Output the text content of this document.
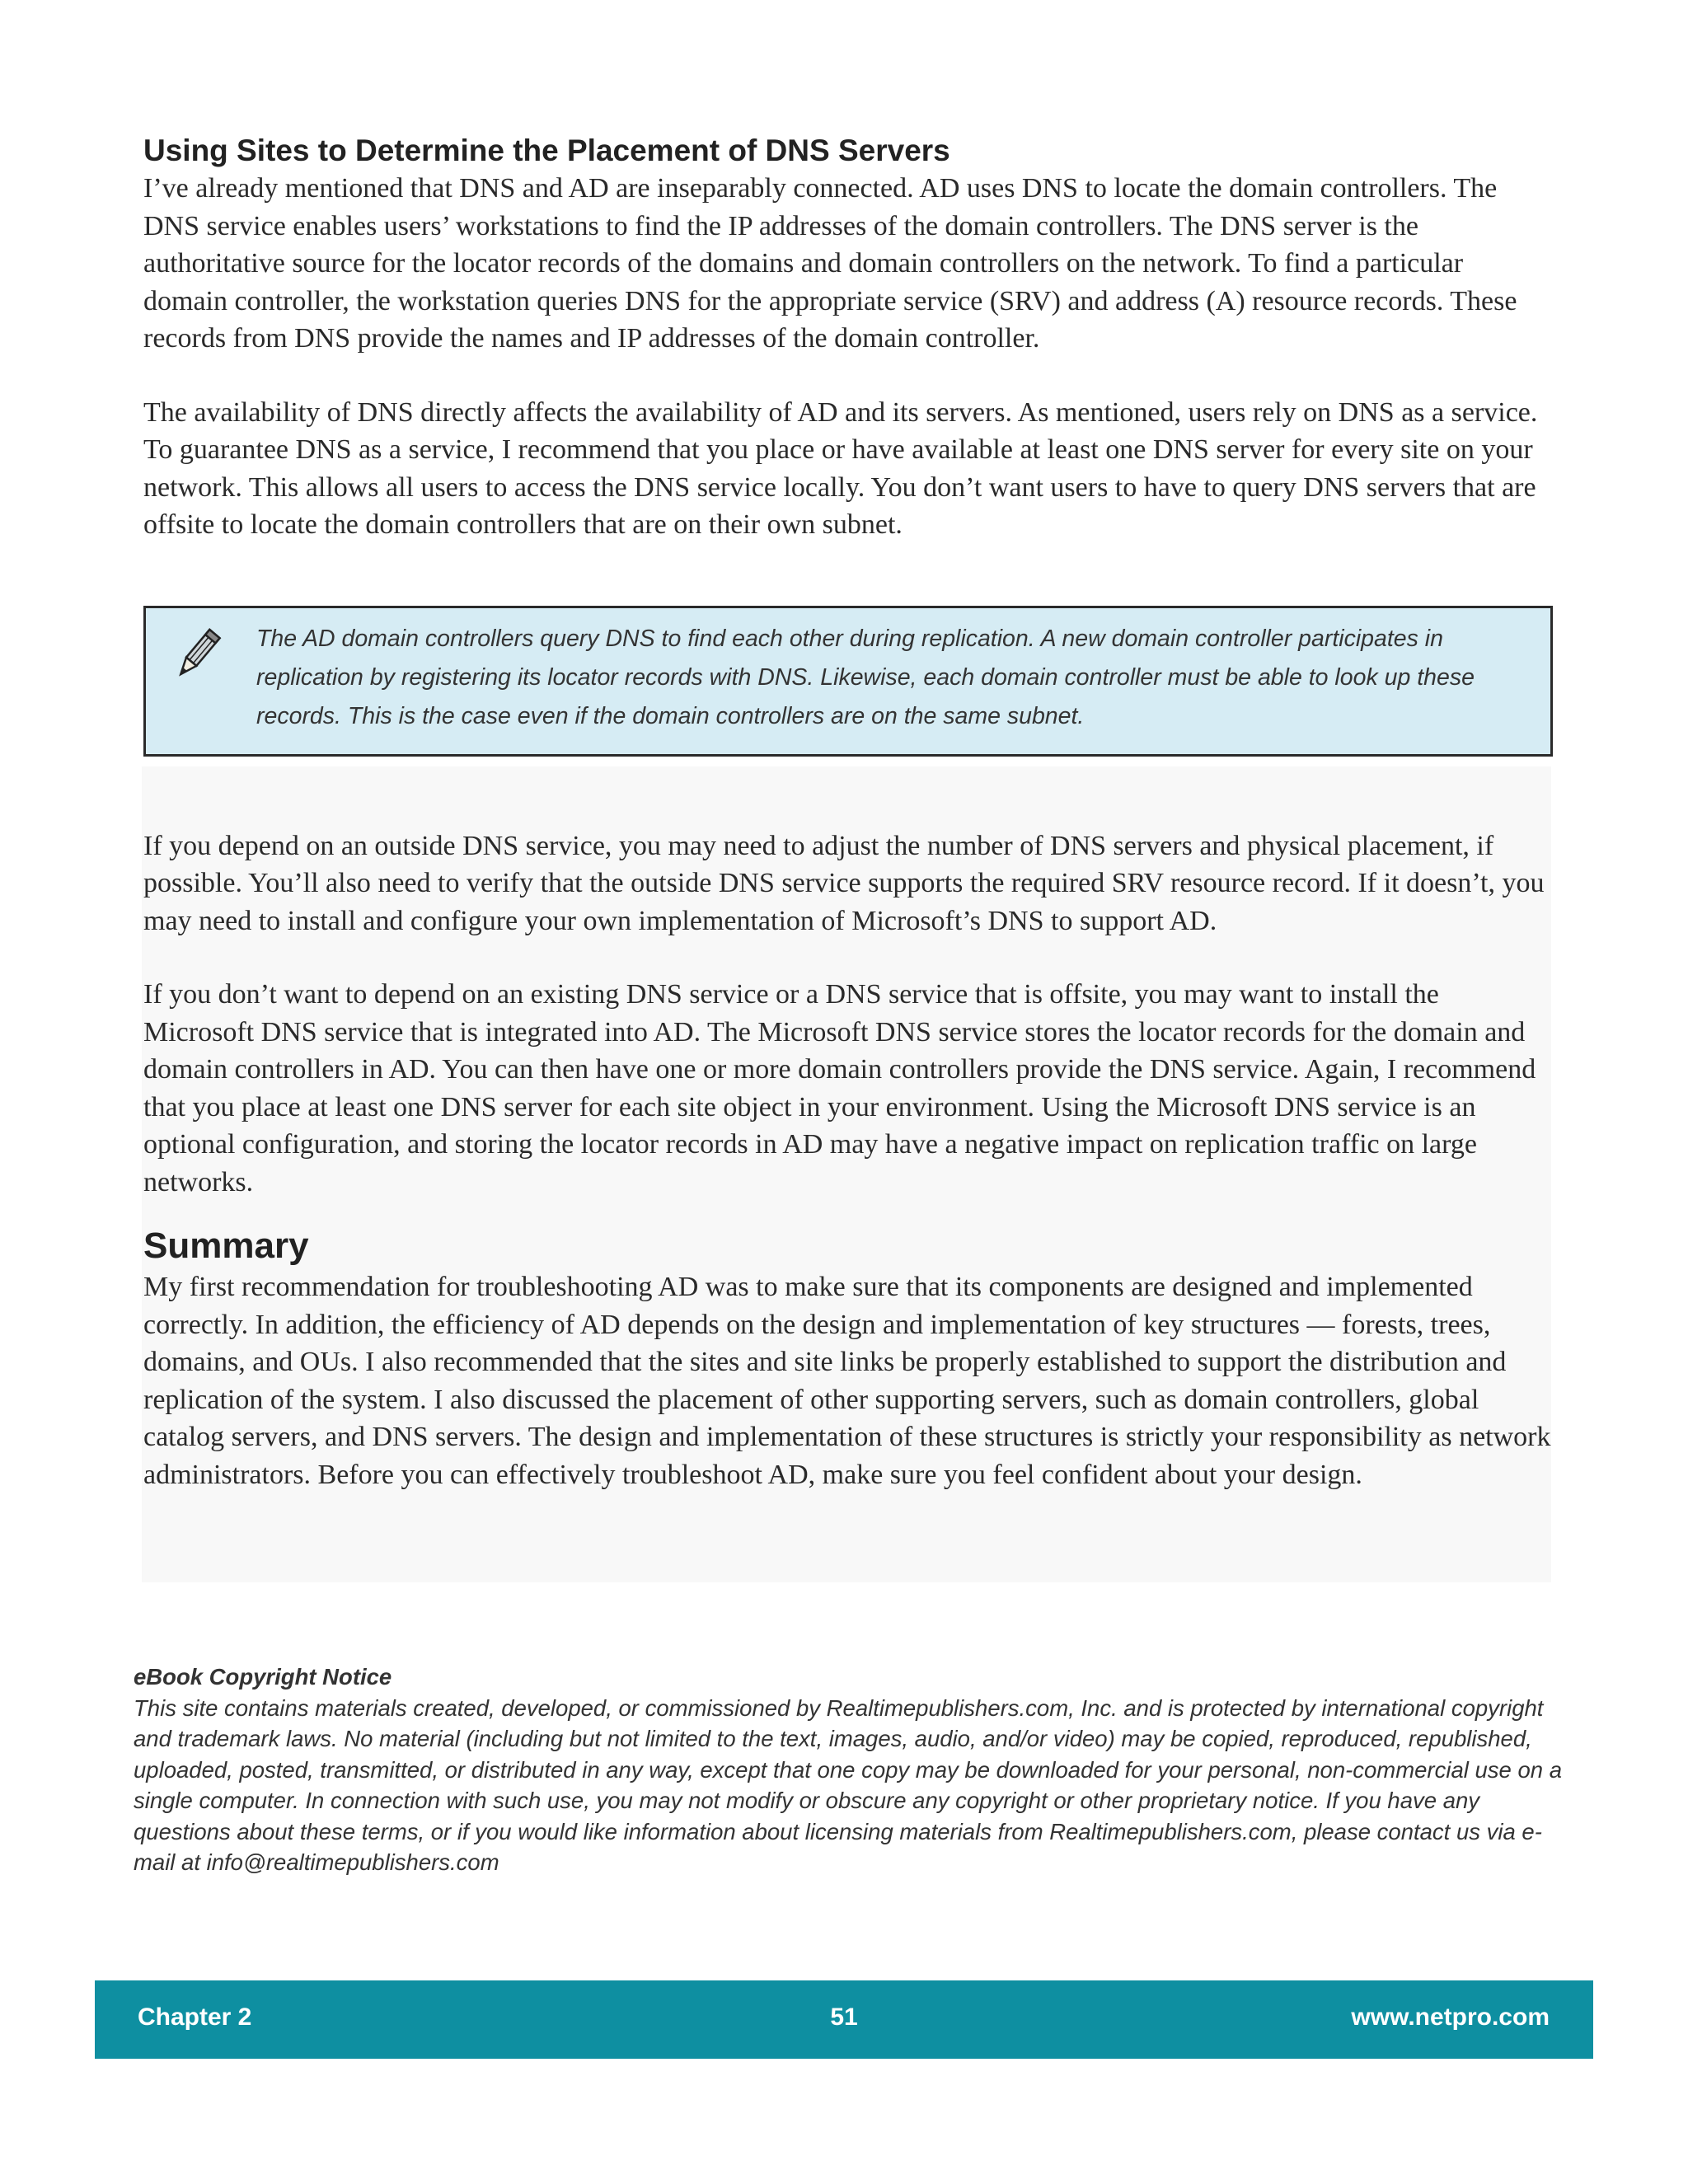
Using Sites to Determine the Placement of DNS Servers

I’ve already mentioned that DNS and AD are inseparably connected. AD uses DNS to locate the domain controllers. The DNS service enables users’ workstations to find the IP addresses of the domain controllers. The DNS server is the authoritative source for the locator records of the domains and domain controllers on the network. To find a particular domain controller, the workstation queries DNS for the appropriate service (SRV) and address (A) resource records. These records from DNS provide the names and IP addresses of the domain controller.

The availability of DNS directly affects the availability of AD and its servers. As mentioned, users rely on DNS as a service. To guarantee DNS as a service, I recommend that you place or have available at least one DNS server for every site on your network. This allows all users to access the DNS service locally. You don’t want users to have to query DNS servers that are offsite to locate the domain controllers that are on their own subnet.

The AD domain controllers query DNS to find each other during replication. A new domain controller participates in replication by registering its locator records with DNS. Likewise, each domain controller must be able to look up these records. This is the case even if the domain controllers are on the same subnet.

If you depend on an outside DNS service, you may need to adjust the number of DNS servers and physical placement, if possible. You’ll also need to verify that the outside DNS service supports the required SRV resource record. If it doesn’t, you may need to install and configure your own implementation of Microsoft’s DNS to support AD.

If you don’t want to depend on an existing DNS service or a DNS service that is offsite, you may want to install the Microsoft DNS service that is integrated into AD. The Microsoft DNS service stores the locator records for the domain and domain controllers in AD. You can then have one or more domain controllers provide the DNS service. Again, I recommend that you place at least one DNS server for each site object in your environment. Using the Microsoft DNS service is an optional configuration, and storing the locator records in AD may have a negative impact on replication traffic on large networks.

Summary

My first recommendation for troubleshooting AD was to make sure that its components are designed and implemented correctly. In addition, the efficiency of AD depends on the design and implementation of key structures — forests, trees, domains, and OUs. I also recommended that the sites and site links be properly established to support the distribution and replication of the system. I also discussed the placement of other supporting servers, such as domain controllers, global catalog servers, and DNS servers. The design and implementation of these structures is strictly your responsibility as network administrators. Before you can effectively troubleshoot AD, make sure you feel confident about your design.

eBook Copyright Notice

This site contains materials created, developed, or commissioned by Realtimepublishers.com, Inc. and is protected by international copyright and trademark laws. No material (including but not limited to the text, images, audio, and/or video) may be copied, reproduced, republished, uploaded, posted, transmitted, or distributed in any way, except that one copy may be downloaded for your personal, non-commercial use on a single computer. In connection with such use, you may not modify or obscure any copyright or other proprietary notice. If you have any questions about these terms, or if you would like information about licensing materials from Realtimepublishers.com, please contact us via e-mail at info@realtimepublishers.com

Chapter 2	51	www.netpro.com
